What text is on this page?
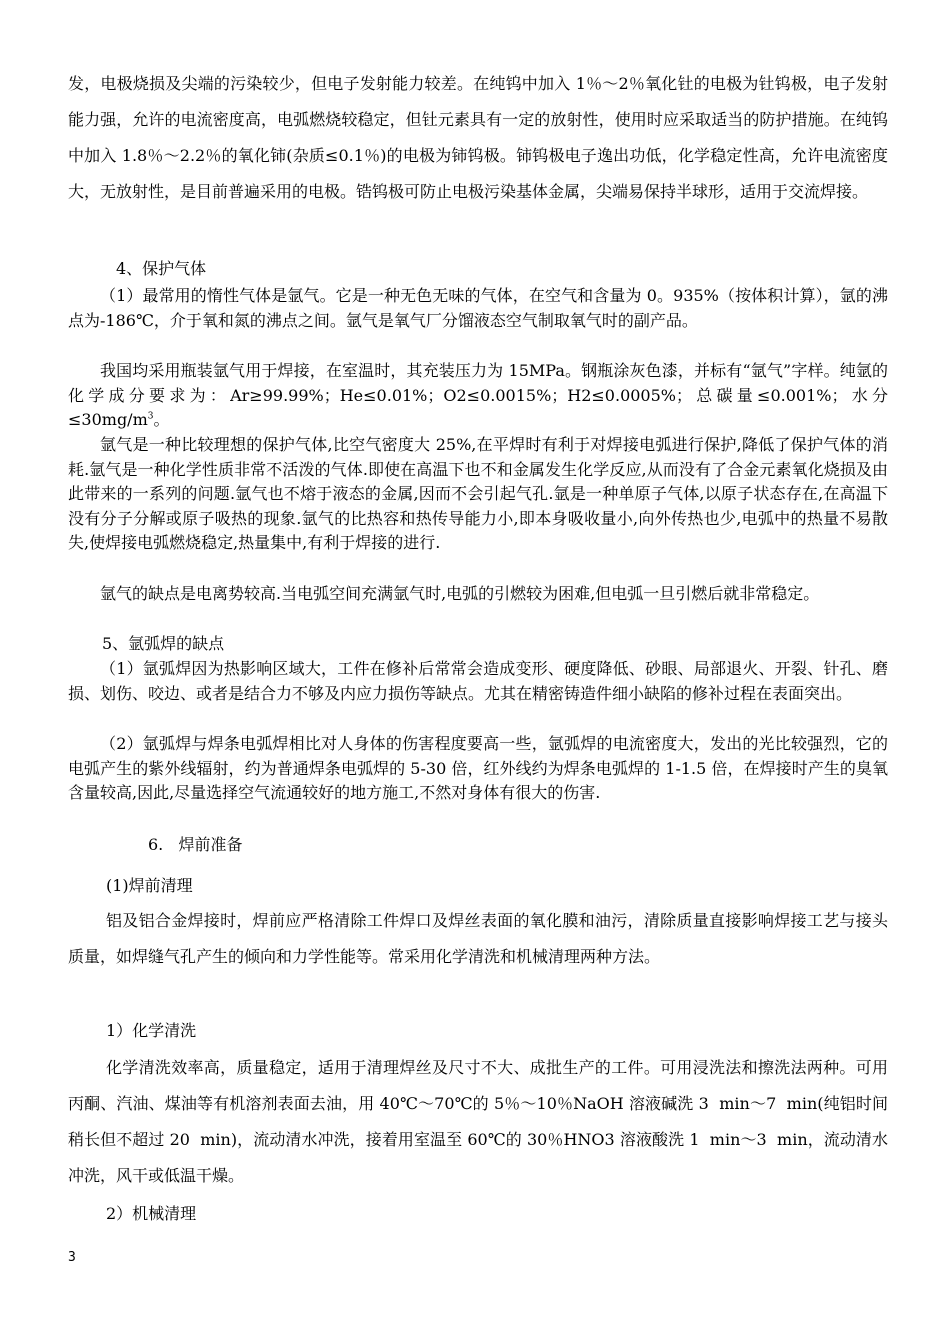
发，电极烧损及尖端的污染较少，但电子发射能力较差。在纯钨中加入 1％～2％氧化钍的电极为钍钨极，电子发射能力强，允许的电流密度高，电弧燃烧较稳定，但钍元素具有一定的放射性，使用时应采取适当的防护措施。在纯钨中加入 1.8％～2.2％的氧化铈(杂质≤0.1％)的电极为铈钨极。铈钨极电子逸出功低，化学稳定性高，允许电流密度大，无放射性，是目前普遍采用的电极。锆钨极可防止电极污染基体金属，尖端易保持半球形，适用于交流焊接。

4、保护气体

（1）最常用的惰性气体是氩气。它是一种无色无味的气体，在空气和含量为 0。935%（按体积计算），氩的沸点为-186℃，介于氧和氮的沸点之间。氩气是氧气厂分馏液态空气制取氧气时的副产品。

我国均采用瓶装氩气用于焊接，在室温时，其充装压力为 15MPa。钢瓶涂灰色漆，并标有“氩气”字样。纯氩的化学成分要求为：Ar≥99.99%；He≤0.01%；O2≤0.0015%；H2≤0.0005%；总碳量≤0.001%；水分$\le 30mg/m^3$。

氩气是一种比较理想的保护气体,比空气密度大 25%,在平焊时有利于对焊接电弧进行保护,降低了保护气体的消耗.氩气是一种化学性质非常不活泼的气体.即使在高温下也不和金属发生化学反应,从而没有了合金元素氧化烧损及由此带来的一系列的问题.氩气也不熔于液态的金属,因而不会引起气孔.氩是一种单原子气体,以原子状态存在,在高温下没有分子分解或原子吸热的现象.氩气的比热容和热传导能力小,即本身吸收量小,向外传热也少,电弧中的热量不易散失,使焊接电弧燃烧稳定,热量集中,有利于焊接的进行.

氩气的缺点是电离势较高.当电弧空间充满氩气时,电弧的引燃较为困难,但电弧一旦引燃后就非常稳定。

5、氩弧焊的缺点

（1）氩弧焊因为热影响区域大，工件在修补后常常会造成变形、硬度降低、砂眼、局部退火、开裂、针孔、磨损、划伤、咬边、或者是结合力不够及内应力损伤等缺点。尤其在精密铸造件细小缺陷的修补过程在表面突出。

（2）氩弧焊与焊条电弧焊相比对人身体的伤害程度要高一些，氩弧焊的电流密度大，发出的光比较强烈，它的电弧产生的紫外线辐射，约为普通焊条电弧焊的 5-30 倍，红外线约为焊条电弧焊的 1-1.5 倍，在焊接时产生的臭氧含量较高,因此,尽量选择空气流通较好的地方施工,不然对身体有很大的伤害.

6.   焊前准备

(1)焊前清理

铝及铝合金焊接时，焊前应严格清除工件焊口及焊丝表面的氧化膜和油污，清除质量直接影响焊接工艺与接头质量，如焊缝气孔产生的倾向和力学性能等。常采用化学清洗和机械清理两种方法。

1）化学清洗

化学清洗效率高，质量稳定，适用于清理焊丝及尺寸不大、成批生产的工件。可用浸洗法和擦洗法两种。可用丙酮、汽油、煤油等有机溶剂表面去油，用 40℃～70℃的 5％～10％NaOH 溶液碱洗 3  min～7  min(纯铝时间稍长但不超过 20  min)，流动清水冲洗，接着用室温至 60℃的 30％HNO3 溶液酸洗 1  min～3  min，流动清水冲洗，风干或低温干燥。

2）机械清理

3
